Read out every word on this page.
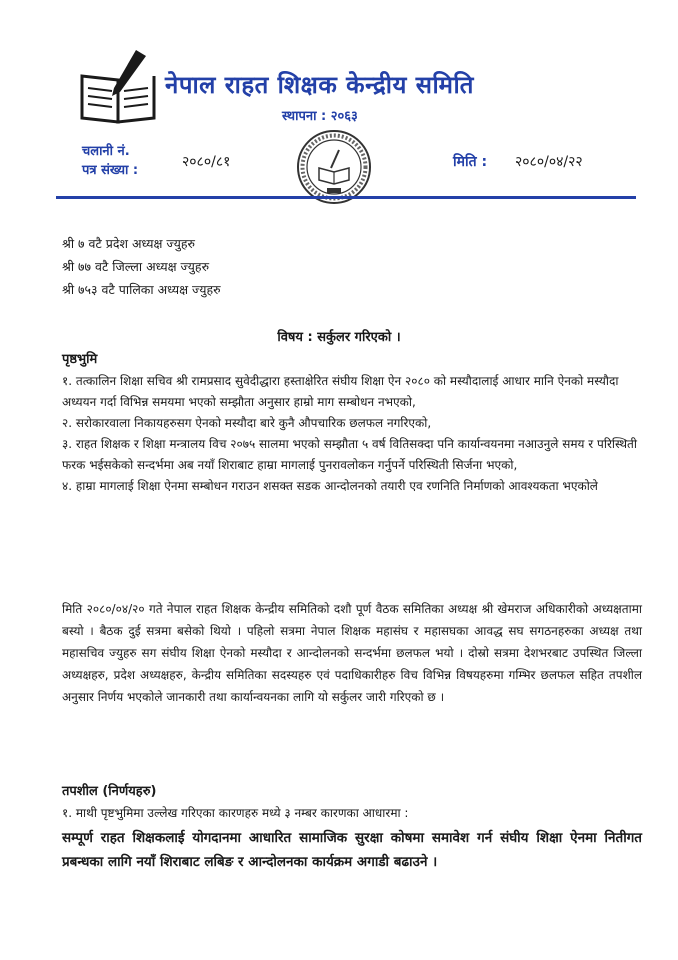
नेपाल राहत शिक्षक केन्द्रीय समिति
स्थापना : २०६३
चलानी नं.
पत्र संख्या :
२०८०/८१	मिति : २०८०/०४/२२
श्री ७ वटै प्रदेश अध्यक्ष ज्युहरु
श्री ७७ वटै जिल्ला अध्यक्ष ज्युहरु
श्री ७५३ वटै पालिका अध्यक्ष ज्युहरु
विषय : सर्कुलर गरिएको ।
पृष्ठभुमि

१. तत्कालिन शिक्षा सचिव श्री रामप्रसाद सुवेदीद्धारा हस्ताक्षेरित संघीय शिक्षा ऐन २०८० को मस्यौदालाई आधार मानि ऐनको मस्यौदा अध्ययन गर्दा विभिन्न समयमा भएको सम्झौता अनुसार हाम्रो माग सम्बोधन नभएको,

२. सरोकारवाला निकायहरुसग ऐनको मस्यौदा बारे कुनै औपचारिक छलफल नगरिएको,

३. राहत शिक्षक र शिक्षा मन्त्रालय विच २०७५ सालमा भएको सम्झौता ५ वर्ष वितिसक्दा पनि कार्यान्वयनमा नआउनुले समय र परिस्थिती फरक भईसकेको सन्दर्भमा अब नयाँ शिराबाट हाम्रा मागलाई पुनरावलोकन गर्नुपर्ने परिस्थिती सिर्जना भएको,

४. हाम्रा मागलाई शिक्षा ऐनमा सम्बोधन गराउन शसक्त सडक आन्दोलनको तयारी एव रणनिति निर्माणको आवश्यकता भएकोले

मिति २०८०/०४/२० गते नेपाल राहत शिक्षक केन्द्रीय समितिको दशौ पूर्ण वैठक समितिका अध्यक्ष श्री खेमराज अधिकारीको अध्यक्षतामा बस्यो । बैठक दुई सत्रमा बसेको थियो । पहिलो सत्रमा नेपाल शिक्षक महासंघ र महासघका आवद्ध सघ सगठनहरुका अध्यक्ष तथा महासचिव ज्युहरु सग संघीय शिक्षा ऐनको मस्यौदा र आन्दोलनको सन्दर्भमा छलफल भयो । दोस्रो सत्रमा देशभरबाट उपस्थित जिल्ला अध्यक्षहरु, प्रदेश अध्यक्षहरु, केन्द्रीय समितिका सदस्यहरु एवं पदाधिकारीहरु विच विभिन्न विषयहरुमा गम्भिर छलफल सहित तपशील अनुसार निर्णय भएकोले जानकारी तथा कार्यान्वयनका लागि यो सर्कुलर जारी गरिएको छ ।
तपशील (निर्णयहरु)
१. माथी पृष्टभुमिमा उल्लेख गरिएका कारणहरु मध्ये ३ नम्बर कारणका आधारमा :
सम्पूर्ण राहत शिक्षकलाई योगदानमा आधारित सामाजिक सुरक्षा कोषमा समावेश गर्न संघीय शिक्षा ऐनमा नितीगत प्रबन्धका लागि नयाँ शिराबाट लबिङ र आन्दोलनका कार्यक्रम अगाडी बढाउने ।
